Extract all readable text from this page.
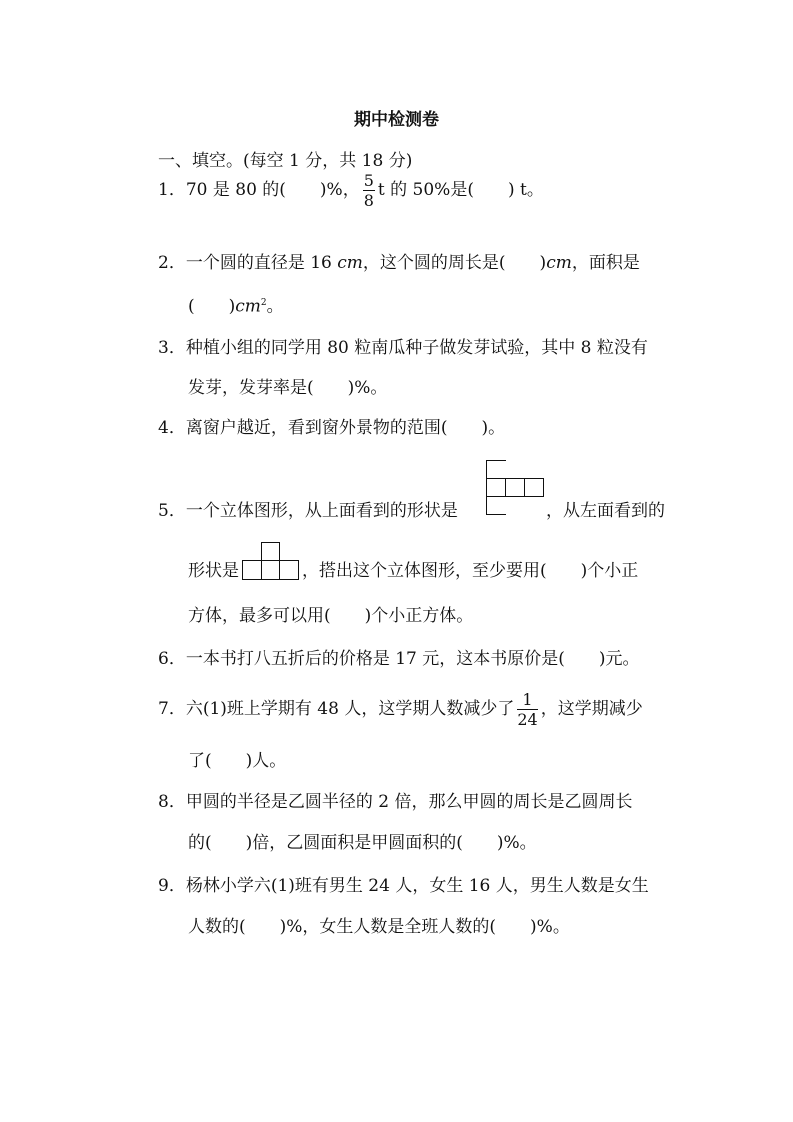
期中检测卷
一、填空。(每空 1 分，共 18 分)
1．70 是 80 的(　　)%， $\frac{5}{8}$ t 的 50%是(　　) t。
2．一个圆的直径是 16 cm，这个圆的周长是(　　)cm，面积是
(　　)$cm^2$。
3．种植小组的同学用 80 粒南瓜种子做发芽试验，其中 8 粒没有
发芽，发芽率是(　　)%。
4．离窗户越近，看到窗外景物的范围(　　)。
5．一个立体图形，从上面看到的形状是	，从左面看到的
形状是	，搭出这个立体图形，至少要用(　　)个小正
方体，最多可以用(　　)个小正方体。
6．一本书打八五折后的价格是 17 元，这本书原价是(　　)元。
7．六(1)班上学期有 48 人，这学期人数减少了 $\frac{1}{24}$ ，这学期减少
了(　　)人。
8．甲圆的半径是乙圆半径的 2 倍，那么甲圆的周长是乙圆周长
的(　　)倍，乙圆面积是甲圆面积的(　　)%。
9．杨林小学六(1)班有男生 24 人，女生 16 人，男生人数是女生
人数的(　　)%，女生人数是全班人数的(　　)%。
